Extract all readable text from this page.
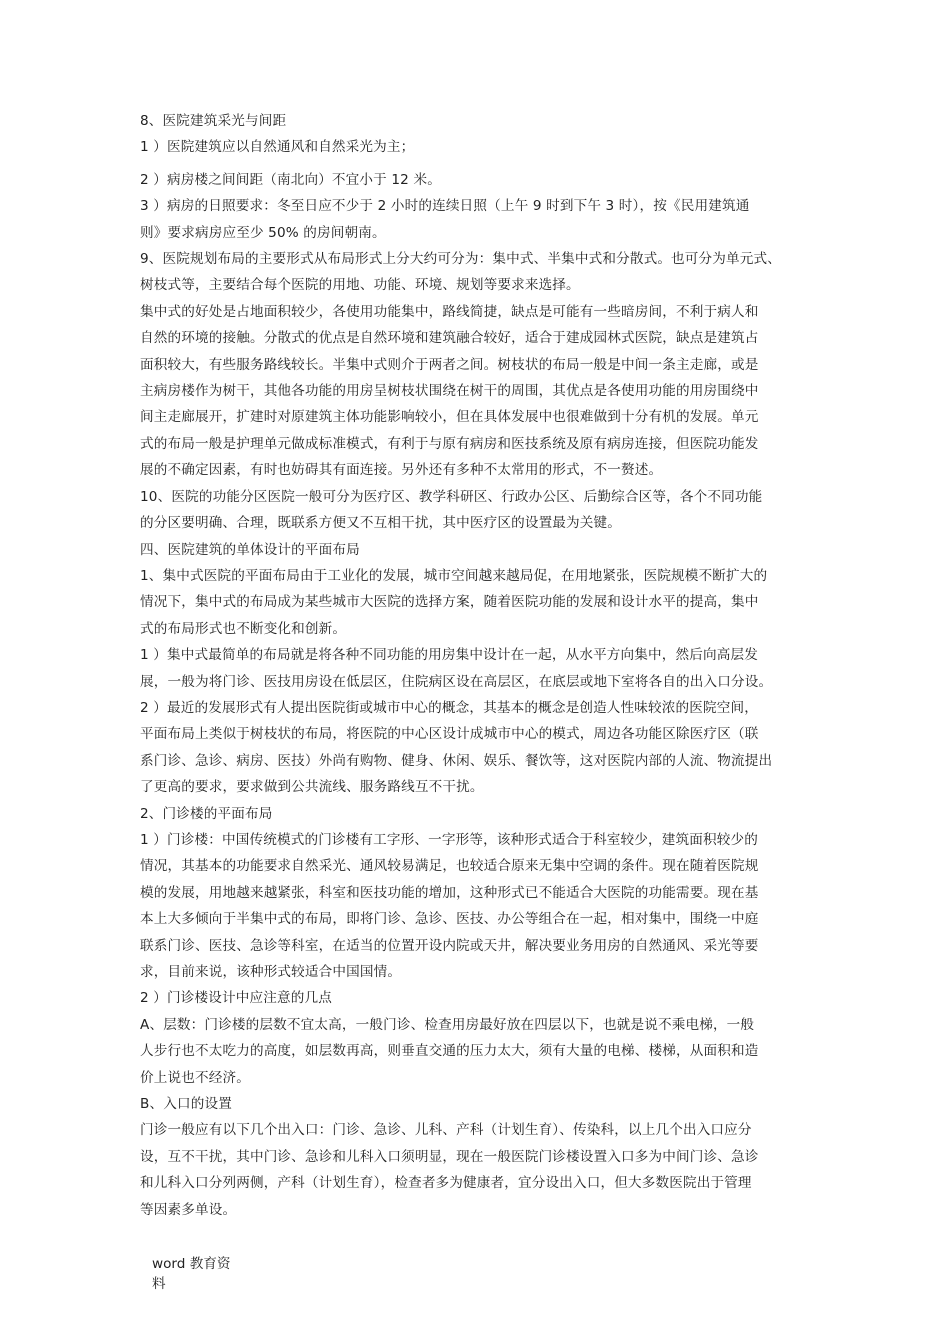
8、医院建筑采光与间距

1 ）医院建筑应以自然通风和自然采光为主；

2 ）病房楼之间间距（南北向）不宜小于 12 米。

3 ）病房的日照要求：冬至日应不少于 2 小时的连续日照（上午 9 时到下午 3 时），按《民用建筑通

则》要求病房应至少 50% 的房间朝南。

9、医院规划布局的主要形式从布局形式上分大约可分为：集中式、半集中式和分散式。也可分为单元式、

树枝式等，主要结合每个医院的用地、功能、环境、规划等要求来选择。

集中式的好处是占地面积较少，各使用功能集中，路线简捷，缺点是可能有一些暗房间，不利于病人和

自然的环境的接触。分散式的优点是自然环境和建筑融合较好，适合于建成园林式医院，缺点是建筑占

面积较大，有些服务路线较长。半集中式则介于两者之间。树枝状的布局一般是中间一条主走廊，或是

主病房楼作为树干，其他各功能的用房呈树枝状围绕在树干的周围，其优点是各使用功能的用房围绕中

间主走廊展开，扩建时对原建筑主体功能影响较小，但在具体发展中也很难做到十分有机的发展。单元

式的布局一般是护理单元做成标准模式，有利于与原有病房和医技系统及原有病房连接，但医院功能发

展的不确定因素，有时也妨碍其有面连接。另外还有多种不太常用的形式，不一赘述。

10、医院的功能分区医院一般可分为医疗区、教学科研区、行政办公区、后勤综合区等，各个不同功能

的分区要明确、合理，既联系方便又不互相干扰，其中医疗区的设置最为关键。

四、医院建筑的单体设计的平面布局

1、集中式医院的平面布局由于工业化的发展，城市空间越来越局促，在用地紧张，医院规模不断扩大的

情况下，集中式的布局成为某些城市大医院的选择方案，随着医院功能的发展和设计水平的提高，集中

式的布局形式也不断变化和创新。

1 ）集中式最简单的布局就是将各种不同功能的用房集中设计在一起，从水平方向集中，然后向高层发

展，一般为将门诊、医技用房设在低层区，住院病区设在高层区，在底层或地下室将各自的出入口分设。

2 ）最近的发展形式有人提出医院街或城市中心的概念，其基本的概念是创造人性味较浓的医院空间，

平面布局上类似于树枝状的布局，将医院的中心区设计成城市中心的模式，周边各功能区除医疗区（联

系门诊、急诊、病房、医技）外尚有购物、健身、休闲、娱乐、餐饮等，这对医院内部的人流、物流提出

了更高的要求，要求做到公共流线、服务路线互不干扰。

2、门诊楼的平面布局

1 ）门诊楼：中国传统模式的门诊楼有工字形、一字形等，该种形式适合于科室较少，建筑面积较少的

情况，其基本的功能要求自然采光、通风较易满足，也较适合原来无集中空调的条件。现在随着医院规

模的发展，用地越来越紧张，科室和医技功能的增加，这种形式已不能适合大医院的功能需要。现在基

本上大多倾向于半集中式的布局，即将门诊、急诊、医技、办公等组合在一起，相对集中，围绕一中庭

联系门诊、医技、急诊等科室，在适当的位置开设内院或天井，解决要业务用房的自然通风、采光等要

求，目前来说，该种形式较适合中国国情。

2 ）门诊楼设计中应注意的几点

A、层数：门诊楼的层数不宜太高，一般门诊、检查用房最好放在四层以下，也就是说不乘电梯，一般

人步行也不太吃力的高度，如层数再高，则垂直交通的压力太大，须有大量的电梯、楼梯，从面积和造

价上说也不经济。

B、入口的设置

门诊一般应有以下几个出入口：门诊、急诊、儿科、产科（计划生育）、传染科，以上几个出入口应分

设，互不干扰，其中门诊、急诊和儿科入口须明显，现在一般医院门诊楼设置入口多为中间门诊、急诊

和儿科入口分列两侧，产科（计划生育），检查者多为健康者，宜分设出入口，但大多数医院出于管理

等因素多单设。

word 教育资
料
